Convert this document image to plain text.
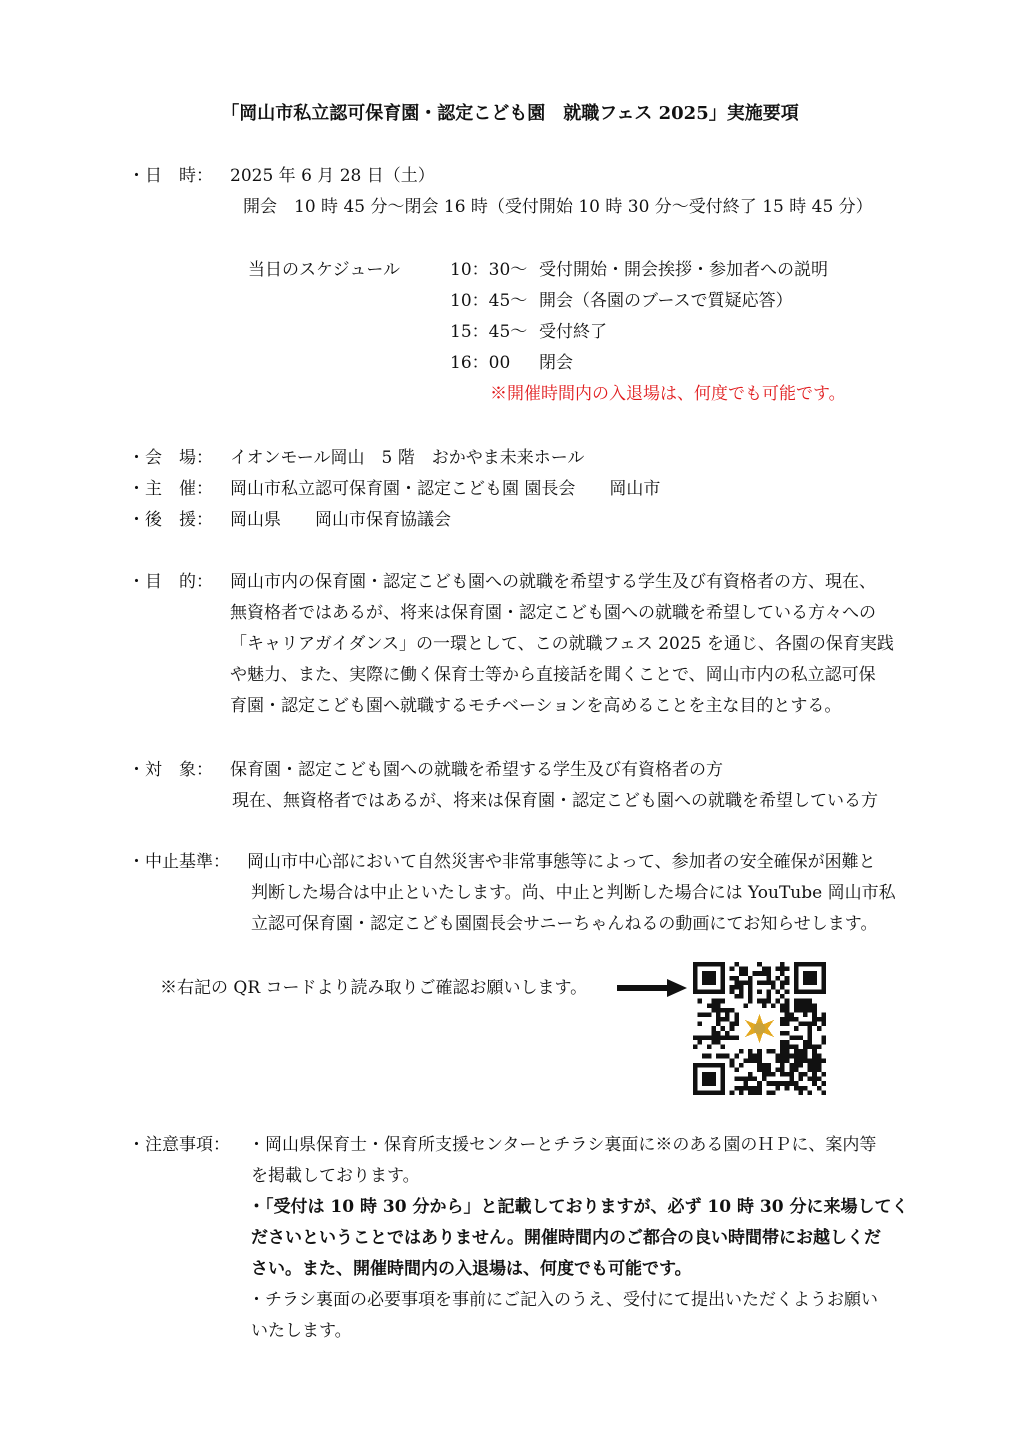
「岡山市私立認可保育園・認定こども園　就職フェス 2025」実施要項
・日　時： 2025 年 6 月 28 日（土）
開会　10 時 45 分～閉会 16 時（受付開始 10 時 30 分～受付終了 15 時 45 分）
当日のスケジュール	10：30～ 受付開始・開会挨拶・参加者への説明
10：45～ 開会（各園のブースで質疑応答）
15：45～ 受付終了
16：00 閉会
※開催時間内の入退場は、何度でも可能です。
・会　場： イオンモール岡山　5 階　おかやま未来ホール
・主　催： 岡山市私立認可保育園・認定こども園 園長会　　岡山市
・後　援： 岡山県　　岡山市保育協議会
・目　的： 岡山市内の保育園・認定こども園への就職を希望する学生及び有資格者の方、現在、
無資格者ではあるが、将来は保育園・認定こども園への就職を希望している方々への
「キャリアガイダンス」の一環として、この就職フェス 2025 を通じ、各園の保育実践
や魅力、また、実際に働く保育士等から直接話を聞くことで、岡山市内の私立認可保
育園・認定こども園へ就職するモチベーションを高めることを主な目的とする。
・対　象： 保育園・認定こども園への就職を希望する学生及び有資格者の方
現在、無資格者ではあるが、将来は保育園・認定こども園への就職を希望している方
・中止基準： 岡山市中心部において自然災害や非常事態等によって、参加者の安全確保が困難と
判断した場合は中止といたします。尚、中止と判断した場合には YouTube 岡山市私
立認可保育園・認定こども園園長会サニーちゃんねるの動画にてお知らせします。
※右記の QR コードより読み取りご確認お願いします。
・注意事項： ・岡山県保育士・保育所支援センターとチラシ裏面に※のある園のＨＰに、案内等
を掲載しております。
・「受付は 10 時 30 分から」と記載しておりますが、必ず 10 時 30 分に来場してく
ださいということではありません。開催時間内のご都合の良い時間帯にお越しくだ
さい。また、開催時間内の入退場は、何度でも可能です。
・チラシ裏面の必要事項を事前にご記入のうえ、受付にて提出いただくようお願い
いたします。
